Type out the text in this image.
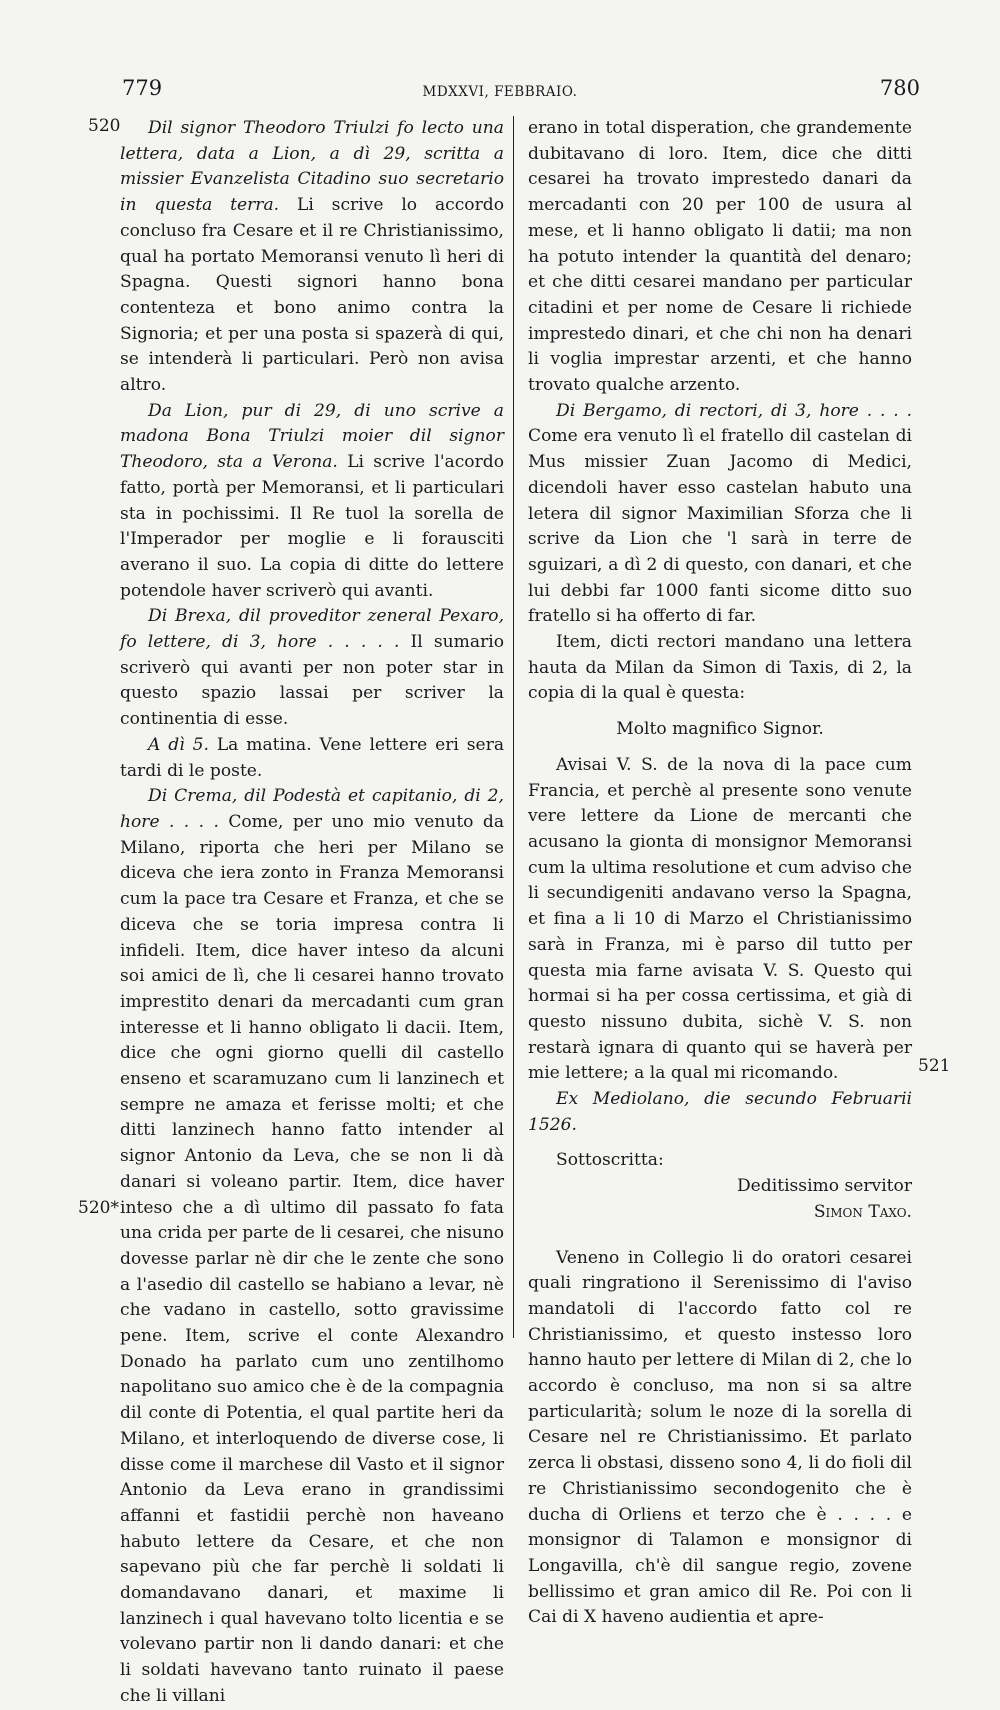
779	MDXXVI, FEBBRAIO.	780
520
520*
521

Dil signor Theodoro Triulzi fo lecto una lettera, data a Lion, a dì 29, scritta a missier Evanzelista Citadino suo secretario in questa terra. Li scrive lo accordo concluso fra Cesare et il re Christianissimo, qual ha portato Memoransi venuto lì heri di Spagna. Questi signori hanno bona contenteza et bono animo contra la Signoria; et per una posta si spazerà di qui, se intenderà li particulari. Però non avisa altro.

Da Lion, pur di 29, di uno scrive a madona Bona Triulzi moier dil signor Theodoro, sta a Verona. Li scrive l'acordo fatto, portà per Memoransi, et li particulari sta in pochissimi. Il Re tuol la sorella de l'Imperador per moglie e li forausciti averano il suo. La copia di ditte do lettere potendole haver scriverò qui avanti.

Di Brexa, dil proveditor zeneral Pexaro, fo lettere, di 3, hore . . . . . Il sumario scriverò qui avanti per non poter star in questo spazio lassai per scriver la continentia di esse.

A dì 5. La matina. Vene lettere eri sera tardi di le poste.

Di Crema, dil Podestà et capitanio, di 2, hore . . . . Come, per uno mio venuto da Milano, riporta che heri per Milano se diceva che iera zonto in Franza Memoransi cum la pace tra Cesare et Franza, et che se diceva che se toria impresa contra li infideli. Item, dice haver inteso da alcuni soi amici de lì, che li cesarei hanno trovato imprestito denari da mercadanti cum gran interesse et li hanno obligato li dacii. Item, dice che ogni giorno quelli dil castello enseno et scaramuzano cum li lanzinech et sempre ne amaza et ferisse molti; et che ditti lanzinech hanno fatto intender al signor Antonio da Leva, che se non li dà danari si voleano partir. Item, dice haver inteso che a dì ultimo dil passato fo fata una crida per parte de li cesarei, che nisuno dovesse parlar nè dir che le zente che sono a l'asedio dil castello se habiano a levar, nè che vadano in castello, sotto gravissime pene. Item, scrive el conte Alexandro Donado ha parlato cum uno zentilhomo napolitano suo amico che è de la compagnia dil conte di Potentia, el qual partite heri da Milano, et interloquendo de diverse cose, li disse come il marchese dil Vasto et il signor Antonio da Leva erano in grandissimi affanni et fastidii perchè non haveano habuto lettere da Cesare, et che non sapevano più che far perchè li soldati li domandavano danari, et maxime li lanzinech i qual havevano tolto licentia e se volevano partir non li dando danari: et che li soldati havevano tanto ruinato il paese che li villani

erano in total disperation, che grandemente dubitavano di loro. Item, dice che ditti cesarei ha trovato imprestedo danari da mercadanti con 20 per 100 de usura al mese, et li hanno obligato li datii; ma non ha potuto intender la quantità del denaro; et che ditti cesarei mandano per particular citadini et per nome de Cesare li richiede imprestedo dinari, et che chi non ha denari li voglia imprestar arzenti, et che hanno trovato qualche arzento.

Di Bergamo, di rectori, di 3, hore . . . . Come era venuto lì el fratello dil castelan di Mus missier Zuan Jacomo di Medici, dicendoli haver esso castelan habuto una letera dil signor Maximilian Sforza che li scrive da Lion che 'l sarà in terre de sguizari, a dì 2 di questo, con danari, et che lui debbi far 1000 fanti sicome ditto suo fratello si ha offerto di far.

Item, dicti rectori mandano una lettera hauta da Milan da Simon di Taxis, di 2, la copia di la qual è questa:

Molto magnifico Signor.

Avisai V. S. de la nova di la pace cum Francia, et perchè al presente sono venute vere lettere da Lione de mercanti che acusano la gionta di monsignor Memoransi cum la ultima resolutione et cum adviso che li secundigeniti andavano verso la Spagna, et fina a li 10 di Marzo el Christianissimo sarà in Franza, mi è parso dil tutto per questa mia farne avisata V. S. Questo qui hormai si ha per cossa certissima, et già di questo nissuno dubita, sichè V. S. non restarà ignara di quanto qui se haverà per mie lettere; a la qual mi ricomando.

Ex Mediolano, die secundo Februarii 1526.

Sottoscritta:

Deditissimo servitor

Simon Taxo.

Veneno in Collegio li do oratori cesarei quali ringrationo il Serenissimo di l'aviso mandatoli di l'accordo fatto col re Christianissimo, et questo instesso loro hanno hauto per lettere di Milan di 2, che lo accordo è concluso, ma non si sa altre particularità; solum le noze di la sorella di Cesare nel re Christianissimo. Et parlato zerca li obstasi, disseno sono 4, li do fioli dil re Christianissimo secondogenito che è ducha di Orliens et terzo che è . . . . e monsignor di Talamon e monsignor di Longavilla, ch'è dil sangue regio, zovene bellissimo et gran amico dil Re. Poi con li Cai di X haveno audientia et apre-
